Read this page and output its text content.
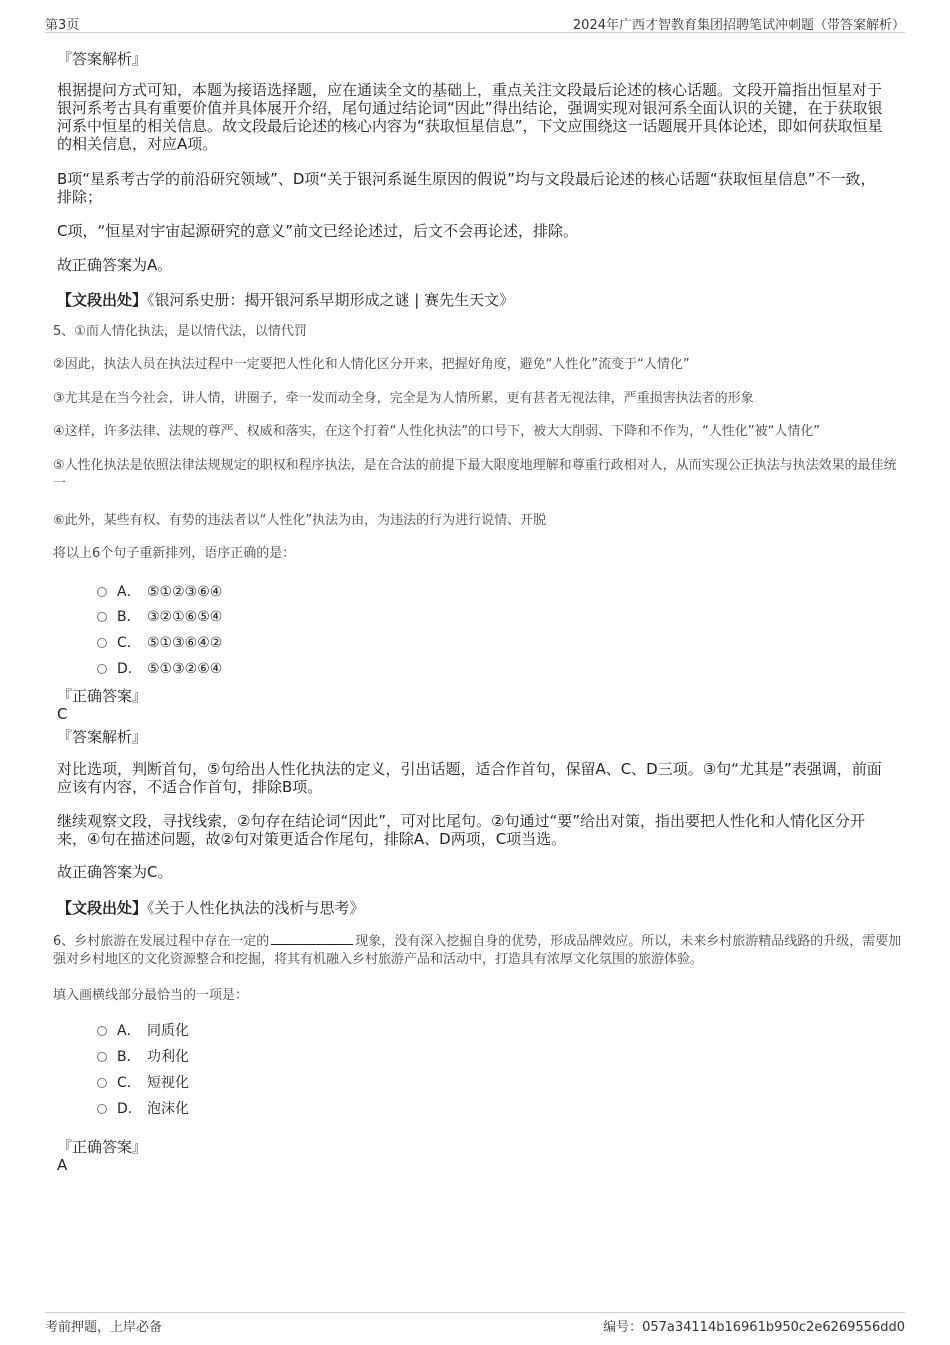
第3页	2024年广西才智教育集团招聘笔试冲刺题（带答案解析）
『答案解析』
根据提问方式可知，本题为接语选择题，应在通读全文的基础上，重点关注文段最后论述的核心话题。文段开篇指出恒星对于银河系考古具有重要价值并具体展开介绍，尾句通过结论词“因此”得出结论，强调实现对银河系全面认识的关键，在于获取银河系中恒星的相关信息。故文段最后论述的核心内容为“获取恒星信息”，下文应围绕这一话题展开具体论述，即如何获取恒星的相关信息，对应A项。
B项“星系考古学的前沿研究领域”、D项“关于银河系诞生原因的假说”均与文段最后论述的核心话题“获取恒星信息”不一致，排除；
C项，“恒星对宇宙起源研究的意义”前文已经论述过，后文不会再论述，排除。
故正确答案为A。
【文段出处】《银河系史册：揭开银河系早期形成之谜 | 赛先生天文》
5、①而人情化执法，是以情代法，以情代罚
②因此，执法人员在执法过程中一定要把人性化和人情化区分开来，把握好角度，避免“人性化”流变于“人情化”
③尤其是在当今社会，讲人情，讲圈子，牵一发而动全身，完全是为人情所累，更有甚者无视法律，严重损害执法者的形象
④这样，许多法律、法规的尊严、权威和落实，在这个打着“人性化执法”的口号下，被大大削弱、下降和不作为，“人性化”被“人情化”
⑤人性化执法是依照法律法规规定的职权和程序执法，是在合法的前提下最大限度地理解和尊重行政相对人，从而实现公正执法与执法效果的最佳统一
⑥此外，某些有权、有势的违法者以“人性化”执法为由，为违法的行为进行说情、开脱
将以上6个句子重新排列，语序正确的是：
A． ⑤①②③⑥④
B． ③②①⑥⑤④
C． ⑤①③⑥④②
D． ⑤①③②⑥④
『正确答案』
C
『答案解析』
对比选项，判断首句，⑤句给出人性化执法的定义，引出话题，适合作首句，保留A、C、D三项。③句“尤其是”表强调，前面应该有内容，不适合作首句，排除B项。
继续观察文段，寻找线索，②句存在结论词“因此”，可对比尾句。②句通过“要”给出对策，指出要把人性化和人情化区分开来，④句在描述问题，故②句对策更适合作尾句，排除A、D两项，C项当选。
故正确答案为C。
【文段出处】《关于人性化执法的浅析与思考》
6、乡村旅游在发展过程中存在一定的	现象，没有深入挖掘自身的优势，形成品牌效应。所以，未来乡村旅游精品线路的升级，需要加强对乡村地区的文化资源整合和挖掘，将其有机融入乡村旅游产品和活动中，打造具有浓厚文化氛围的旅游体验。
填入画横线部分最恰当的一项是：
A． 同质化
B． 功利化
C． 短视化
D． 泡沫化
『正确答案』
A
考前押题，上岸必备	编号：057a34114b16961b950c2e6269556dd0
